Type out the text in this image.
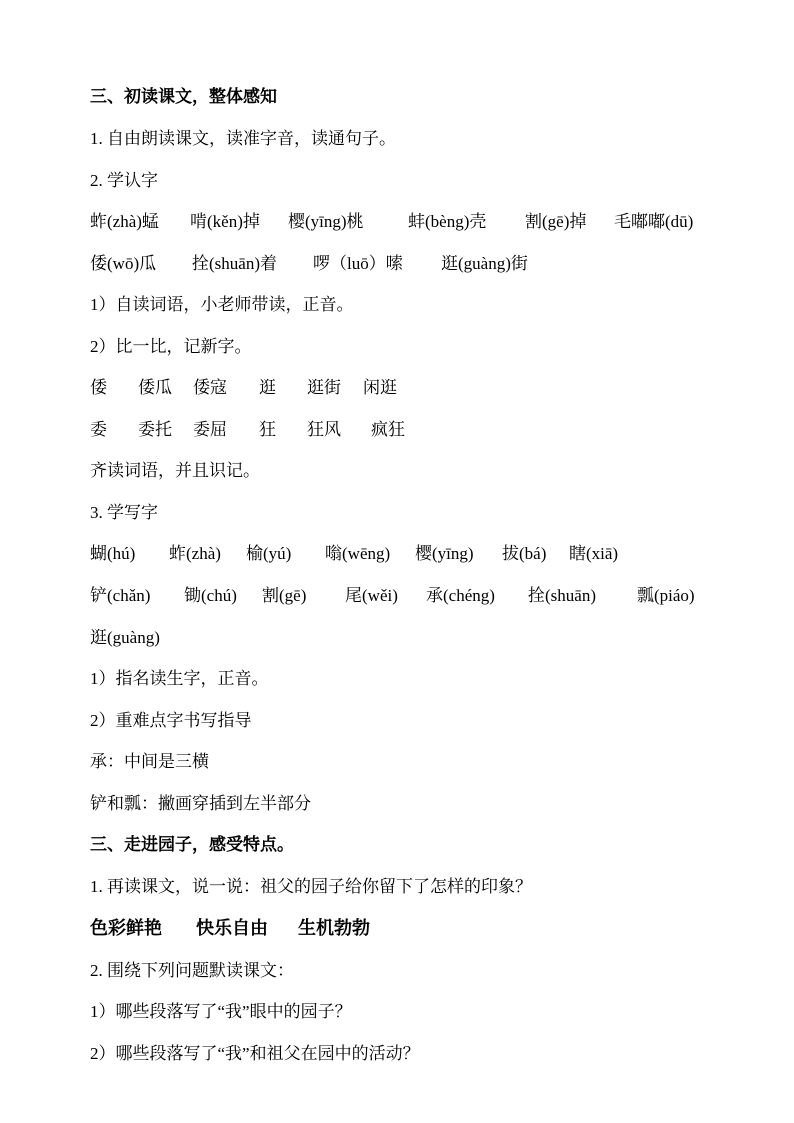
三、初读课文，整体感知
1. 自由朗读课文，读准字音，读通句子。
2. 学认字
蚱(zhà)蜢 啃(kěn)掉 樱(yīng)桃	蚌(bèng)壳 割(gē)掉 毛嘟嘟(dū)
倭(wō)瓜 拴(shuān)着 啰（luō）嗦 逛(guàng)街
1）自读词语，小老师带读，正音。
2）比一比，记新字。
倭 倭瓜 倭寇 逛 逛街 闲逛
委 委托 委屈 狂 狂风 疯狂
齐读词语，并且识记。
3. 学写字
蝴(hú) 蚱(zhà) 榆(yú) 嗡(wēng) 樱(yīng) 拔(bá) 瞎(xiā)
铲(chǎn) 锄(chú) 割(gē) 尾(wěi) 承(chéng) 拴(shuān) 瓢(piáo)
逛(guàng)
1）指名读生字，正音。
2）重难点字书写指导
承：中间是三横
铲和瓢：撇画穿插到左半部分
三、走进园子，感受特点。
1. 再读课文，说一说：祖父的园子给你留下了怎样的印象？
色彩鲜艳 快乐自由 生机勃勃
2. 围绕下列问题默读课文：
1）哪些段落写了“我”眼中的园子？
2）哪些段落写了“我”和祖父在园中的活动？
